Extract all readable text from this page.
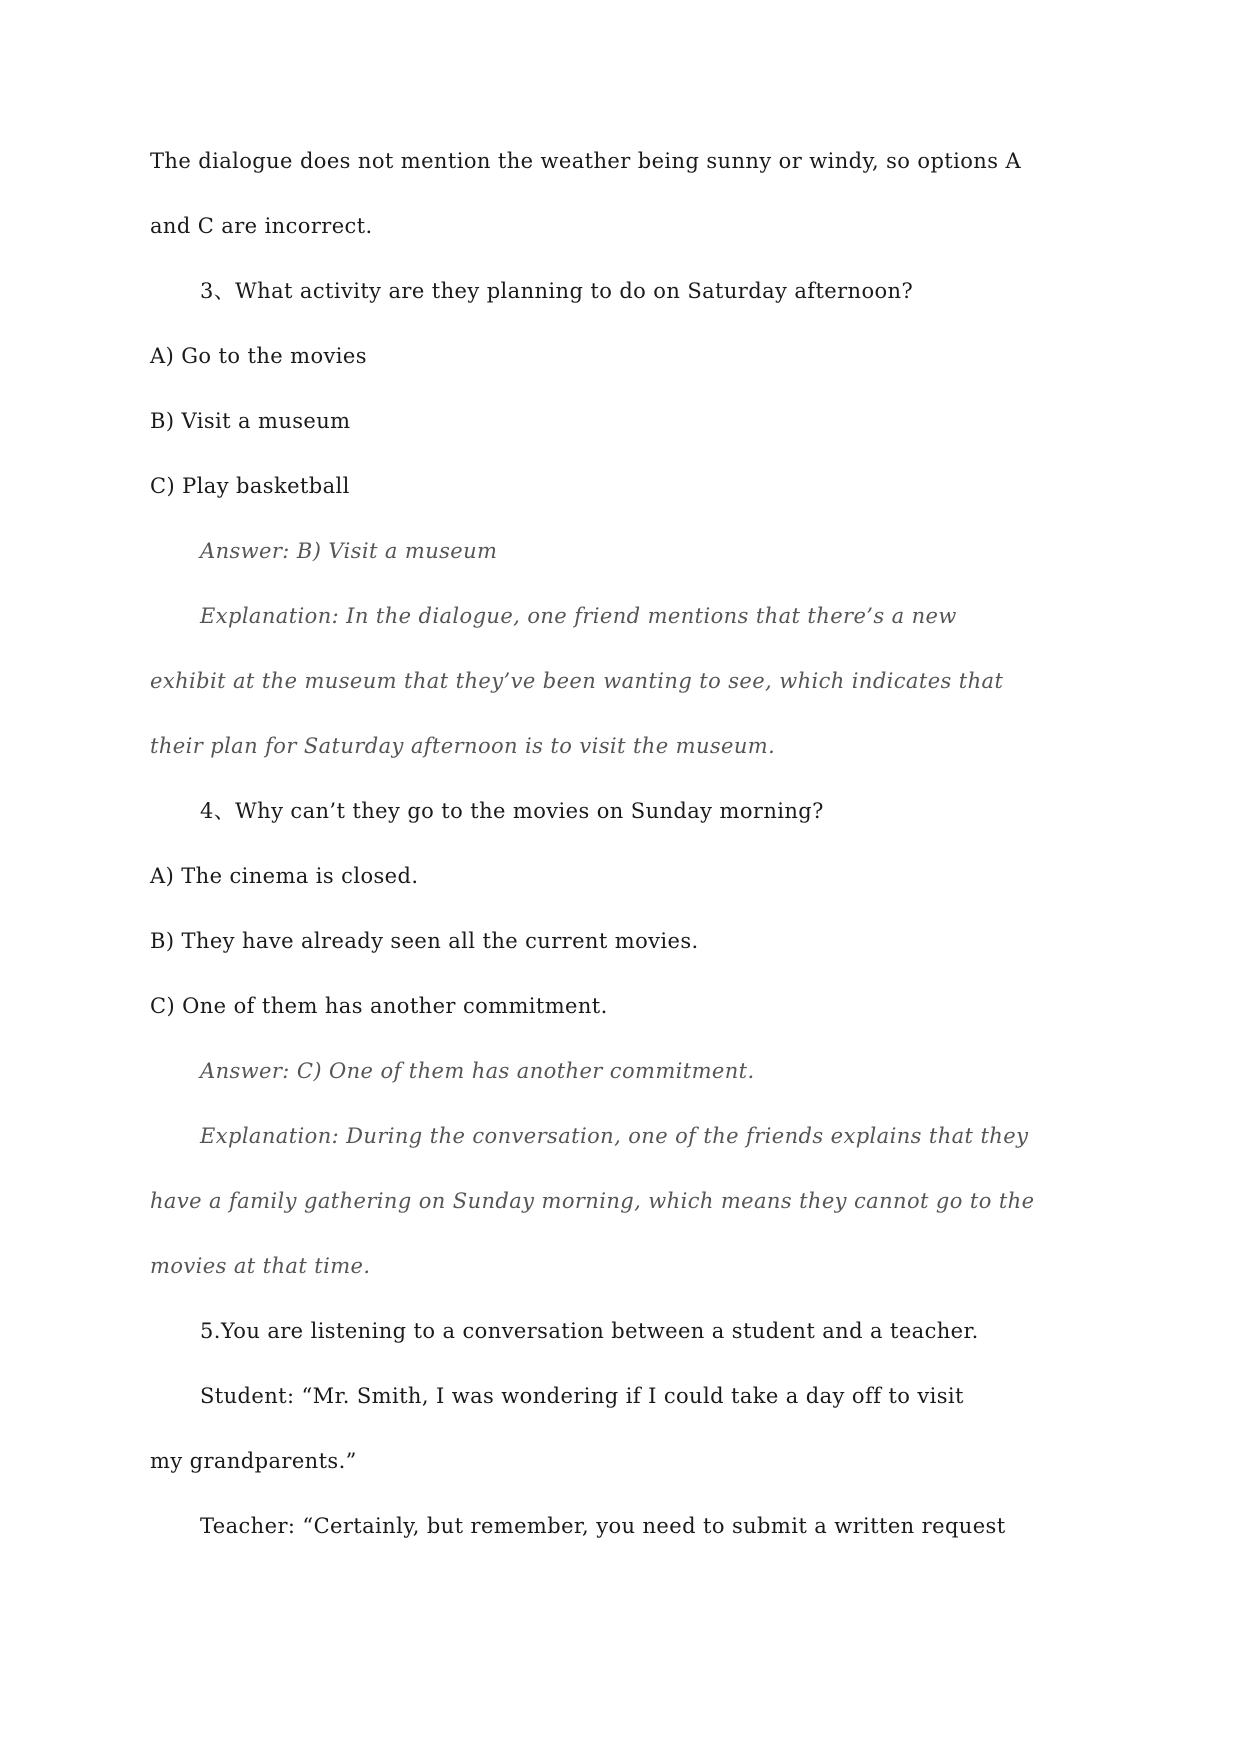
The dialogue does not mention the weather being sunny or windy, so options A
and C are incorrect.
3、What activity are they planning to do on Saturday afternoon?
A) Go to the movies
B) Visit a museum
C) Play basketball
Answer: B) Visit a museum
Explanation: In the dialogue, one friend mentions that there’s a new
exhibit at the museum that they’ve been wanting to see, which indicates that
their plan for Saturday afternoon is to visit the museum.
4、Why can’t they go to the movies on Sunday morning?
A) The cinema is closed.
B) They have already seen all the current movies.
C) One of them has another commitment.
Answer: C) One of them has another commitment.
Explanation: During the conversation, one of the friends explains that they
have a family gathering on Sunday morning, which means they cannot go to the
movies at that time.
5.You are listening to a conversation between a student and a teacher.
Student: “Mr. Smith, I was wondering if I could take a day off to visit
my grandparents.”
Teacher: “Certainly, but remember, you need to submit a written request
